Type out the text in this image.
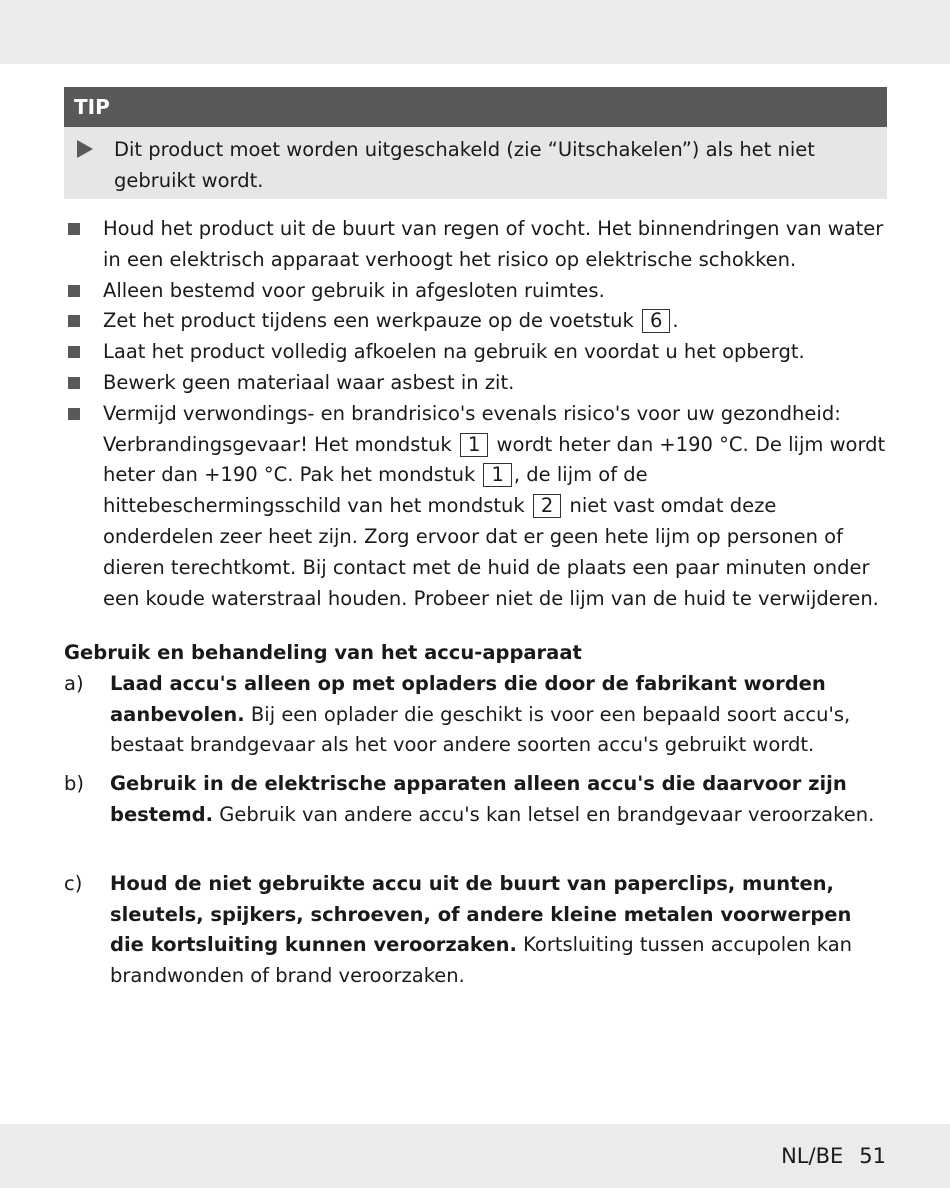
TIP
Dit product moet worden uitgeschakeld (zie “Uitschakelen”) als het niet gebruikt wordt.
Houd het product uit de buurt van regen of vocht. Het binnendringen van water in een elektrisch apparaat verhoogt het risico op elektrische schokken.
Alleen bestemd voor gebruik in afgesloten ruimtes.
Zet het product tijdens een werkpauze op de voetstuk 6 .
Laat het product volledig afkoelen na gebruik en voordat u het opbergt.
Bewerk geen materiaal waar asbest in zit.
Vermijd verwondings- en brandrisico's evenals risico's voor uw gezondheid: Verbrandingsgevaar! Het mondstuk 1 wordt heter dan +190 °C. De lijm wordt heter dan +190 °C. Pak het mondstuk 1 , de lijm of de hittebeschermingsschild van het mondstuk 2 niet vast omdat deze onderdelen zeer heet zijn. Zorg ervoor dat er geen hete lijm op personen of dieren terechtkomt. Bij contact met de huid de plaats een paar minuten onder een koude waterstraal houden. Probeer niet de lijm van de huid te verwijderen.
Gebruik en behandeling van het accu-apparaat
a) Laad accu's alleen op met opladers die door de fabrikant worden aanbevolen. Bij een oplader die geschikt is voor een bepaald soort accu's, bestaat brandgevaar als het voor andere soorten accu's gebruikt wordt.
b) Gebruik in de elektrische apparaten alleen accu's die daarvoor zijn bestemd. Gebruik van andere accu's kan letsel en brandgevaar veroorzaken.
c) Houd de niet gebruikte accu uit de buurt van paperclips, munten, sleutels, spijkers, schroeven, of andere kleine metalen voorwerpen die kortsluiting kunnen veroorzaken. Kortsluiting tussen accupolen kan brandwonden of brand veroorzaken.
NL/BE 51
